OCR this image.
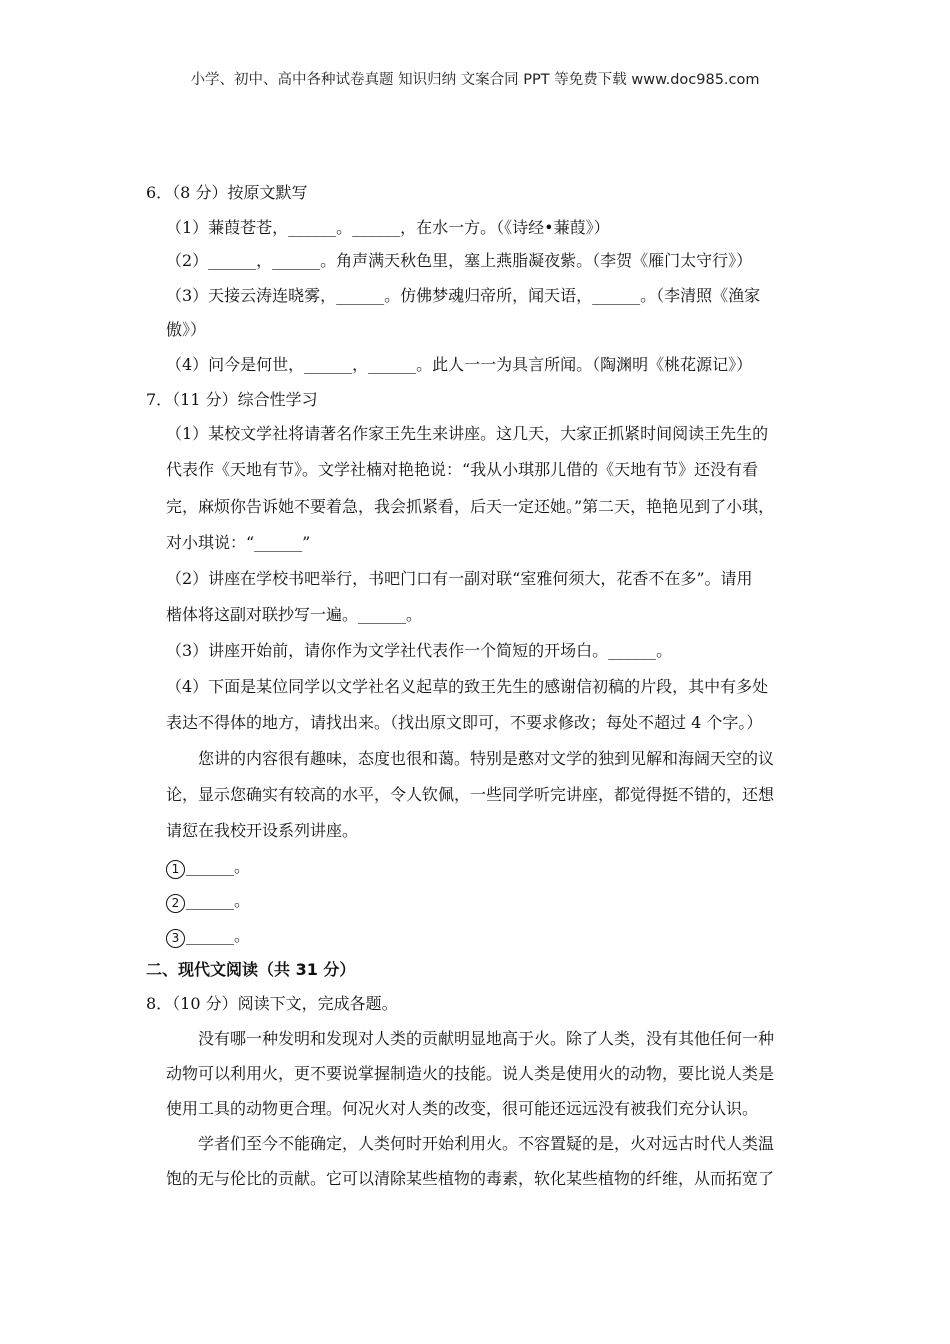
小学、初中、高中各种试卷真题 知识归纳 文案合同 PPT 等免费下载 www.doc985.com
6．（8 分）按原文默写
（1）蒹葭苍苍，______。______，在水一方。（《诗经•蒹葭》）
（2）______，______。角声满天秋色里，塞上燕脂凝夜紫。（李贺《雁门太守行》）
（3）天接云涛连晓雾，______。仿佛梦魂归帝所，闻天语，______。（李清照《渔家
傲》）
（4）问今是何世，______，______。此人一一为具言所闻。（陶渊明《桃花源记》）
7．（11 分）综合性学习
（1）某校文学社将请著名作家王先生来讲座。这几天，大家正抓紧时间阅读王先生的
代表作《天地有节》。文学社楠对艳艳说：“我从小琪那儿借的《天地有节》还没有看
完，麻烦你告诉她不要着急，我会抓紧看，后天一定还她。”第二天，艳艳见到了小琪，
对小琪说：“______”
（2）讲座在学校书吧举行，书吧门口有一副对联“室雅何须大，花香不在多”。请用
楷体将这副对联抄写一遍。______。
（3）讲座开始前，请你作为文学社代表作一个简短的开场白。______。
（4）下面是某位同学以文学社名义起草的致王先生的感谢信初稿的片段，其中有多处
表达不得体的地方，请找出来。（找出原文即可，不要求修改；每处不超过 4 个字。）
您讲的内容很有趣味，态度也很和蔼。特别是憨对文学的独到见解和海阔天空的议
论，显示您确实有较高的水平，令人钦佩，一些同学听完讲座，都觉得挺不错的，还想
请愆在我校开设系列讲座。
1 ______。
2 ______。
3 ______。
二、现代文阅读（共 31 分）
8．（10 分）阅读下文，完成各题。
没有哪一种发明和发现对人类的贡献明显地高于火。除了人类，没有其他任何一种
动物可以利用火，更不要说掌握制造火的技能。说人类是使用火的动物，要比说人类是
使用工具的动物更合理。何况火对人类的改变，很可能还远远没有被我们充分认识。
学者们至今不能确定，人类何时开始利用火。不容置疑的是，火对远古时代人类温
饱的无与伦比的贡献。它可以清除某些植物的毒素，软化某些植物的纤维，从而拓宽了
